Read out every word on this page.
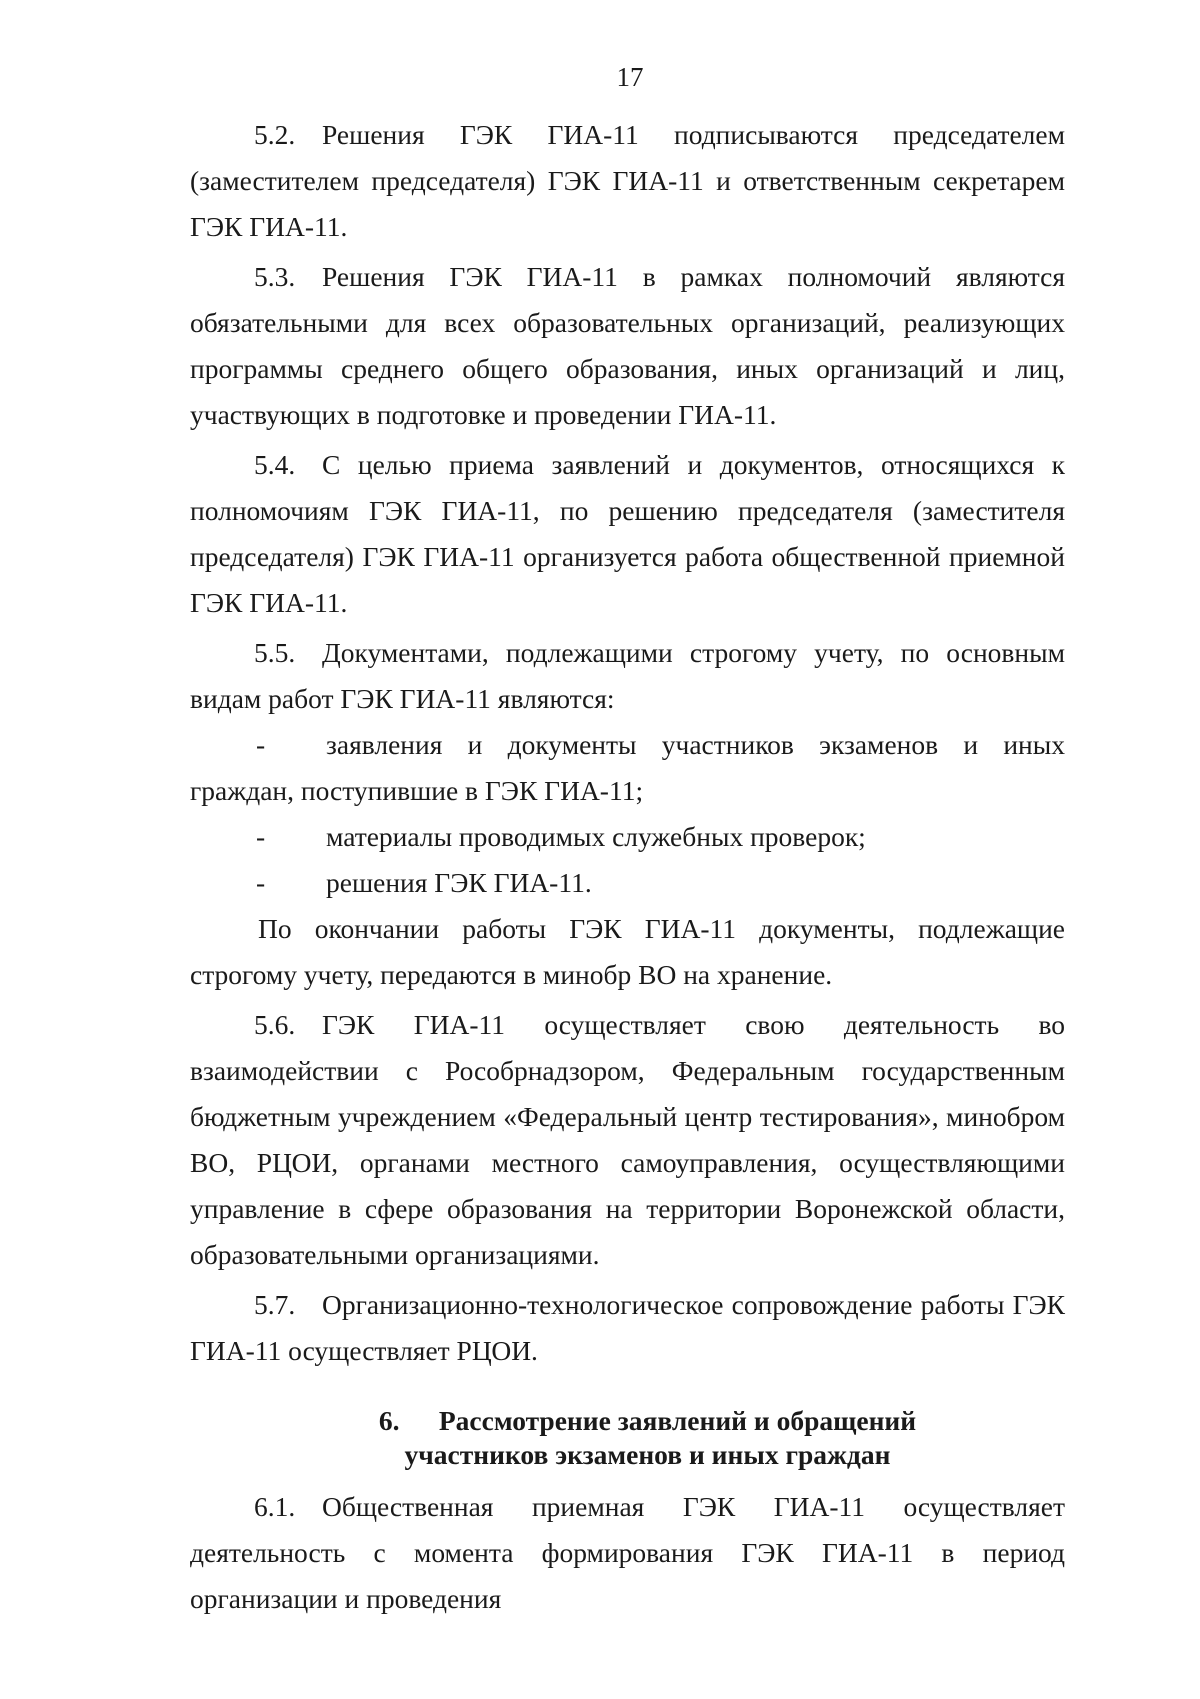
17

5.2. Решения ГЭК ГИА-11 подписываются председателем (заместителем председателя) ГЭК ГИА-11 и ответственным секретарем ГЭК ГИА-11.

5.3. Решения ГЭК ГИА-11 в рамках полномочий являются обязательными для всех образовательных организаций, реализующих программы среднего общего образования, иных организаций и лиц, участвующих в подготовке и проведении ГИА-11.

5.4. С целью приема заявлений и документов, относящихся к полномочиям ГЭК ГИА-11, по решению председателя (заместителя председателя) ГЭК ГИА-11 организуется работа общественной приемной ГЭК ГИА-11.

5.5. Документами, подлежащими строгому учету, по основным видам работ ГЭК ГИА-11 являются:

- заявления и документы участников экзаменов и иных граждан, поступившие в ГЭК ГИА-11;

- материалы проводимых служебных проверок;

- решения ГЭК ГИА-11.

По окончании работы ГЭК ГИА-11 документы, подлежащие строгому учету, передаются в минобр ВО на хранение.

5.6. ГЭК ГИА-11 осуществляет свою деятельность во взаимодействии с Рособрнадзором, Федеральным государственным бюджетным учреждением «Федеральный центр тестирования», минобром ВО, РЦОИ, органами местного самоуправления, осуществляющими управление в сфере образования на территории Воронежской области, образовательными организациями.

5.7. Организационно-технологическое сопровождение работы ГЭК ГИА-11 осуществляет РЦОИ.

6. Рассмотрение заявлений и обращений
участников экзаменов и иных граждан

6.1. Общественная приемная ГЭК ГИА-11 осуществляет деятельность с момента формирования ГЭК ГИА-11 в период организации и проведения
